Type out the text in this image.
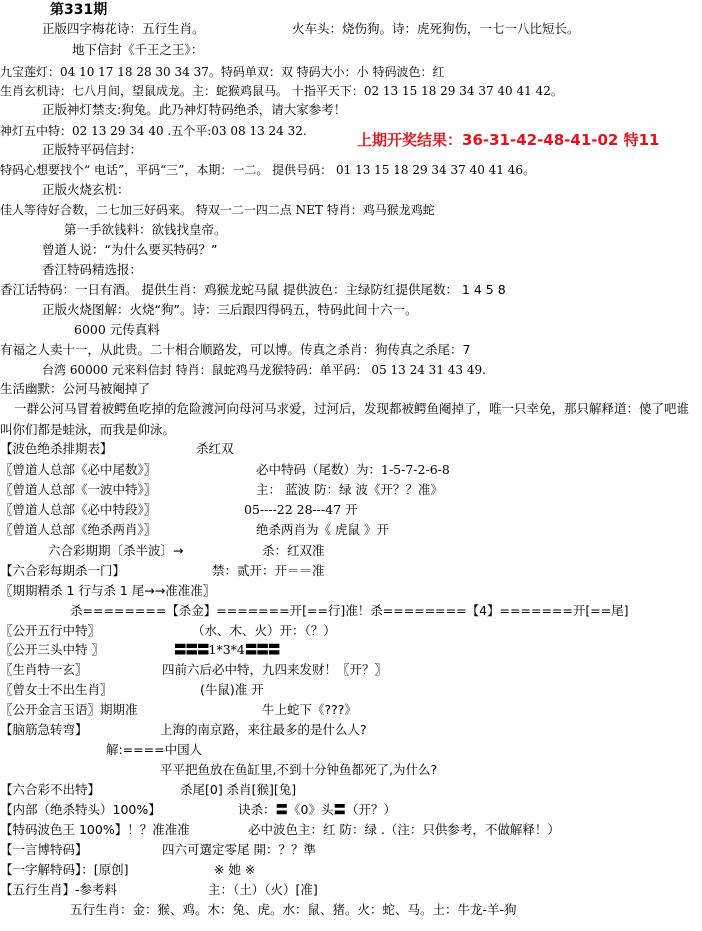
第331期
正版四字梅花诗：五行生肖。	火车头：烧伤狗。诗：虎死狗伤，一七一八比短长。
地下信封《千王之王》：
九宝莲灯：04 10 17 18 28 30 34 37。特码单双：双 特码大小：小 特码波色：红
生肖玄机诗：七八月间，望鼠成龙。主：蛇猴鸡鼠马。 十指平天下：02 13 15 18 29 34 37 40 41 42。
正版神灯禁支:狗兔。此乃神灯特码绝杀，请大家参考！
神灯五中特：02 13 29 34 40 .五个平:03 08 13 24 32.	上期开奖结果：36-31-42-48-41-02 特11
正版特平码信封：
特码心想要找个“ 电话”，平码“三”，本期：一二。 提供号码： 01 13 15 18 29 34 37 40 41 46。
正版火烧玄机：
佳人等待好合数，二七加三好码来。 特双一二一四二点 NET 特肖：鸡马猴龙鸡蛇
第一手欲钱料：欲钱找皇帝。
曾道人说：“为什么要买特码？”
香江特码精选报：
香江话特码：一日有酒。 提供生肖：鸡猴龙蛇马鼠 提供波色：主绿防红提供尾数： 1 4 5 8
正版火烧图解：火烧“狗”。诗：三后跟四得码五，特码此间十六一。
6000 元传真料
有福之人卖十一，从此贵。二十相合顺路发，可以博。传真之杀肖：狗传真之杀尾：7
台湾 60000 元来料信封 特肖：鼠蛇鸡马龙猴特码：单平码： 05 13 24 31 43 49.
生活幽默：公河马被阉掉了
一群公河马冒着被鳄鱼吃掉的危险渡河向母河马求爱，过河后，发现都被鳄鱼阉掉了，唯一只幸免，那只解释道：傻了吧谁叫你们都是蛙泳，而我是仰泳。
【波色绝杀排期表】	杀红双
〖曾道人总部《必中尾数》〗	必中特码（尾数）为：1-5-7-2-6-8
〖曾道人总部《一波中特》〗	主： 蓝波 防：绿 波《开？？准》
〖曾道人总部《必中特段》〗	05----22 28---47 开
〖曾道人总部《绝杀两肖》〗	绝杀两肖为《 虎鼠 》开
六合彩期期〔杀半波〕→	杀：红双准
【六合彩每期杀一门】	禁：贰开：开＝＝准
〖期期精杀 1 行与杀 1 尾→→准准准〗
杀========【杀金】=======开[==行]准！杀========【4】=======开[==尾]
〖公开五行中特〗	（水、木、火）开：（？）
〖公开三头中特 〗	〓〓〓1*3*4〓〓〓
〖生肖特一玄〗	四前六后必中特，九四来发财！〖开？〗
〖曾女士不出生肖〗	(牛鼠)准 开
〖公开金言玉语〗期期准	牛上蛇下《???》
【脑筋急转弯】	上海的南京路，来往最多的是什么人?
解:====中国人
平平把鱼放在鱼缸里,不到十分钟鱼都死了,为什么?
【六合彩不出特】	杀尾[0] 杀肖[猴][兔]
【内部（绝杀特头）100%】	诀杀：〓《0》头〓（开？）
【特码波色王 100%】！？准准准	必中波色主：红 防：绿 .（注：只供参考，不做解释！）
【一言博特码】	四六可選定零尾 開：？？準
【一字解特码】：[原创]	※ 她 ※
【五行生肖】-参考料	主：（土）（火）[准]
五行生肖：金：猴、鸡。木：兔、虎。水：鼠、猪。火：蛇、马。土：牛龙-羊-狗
